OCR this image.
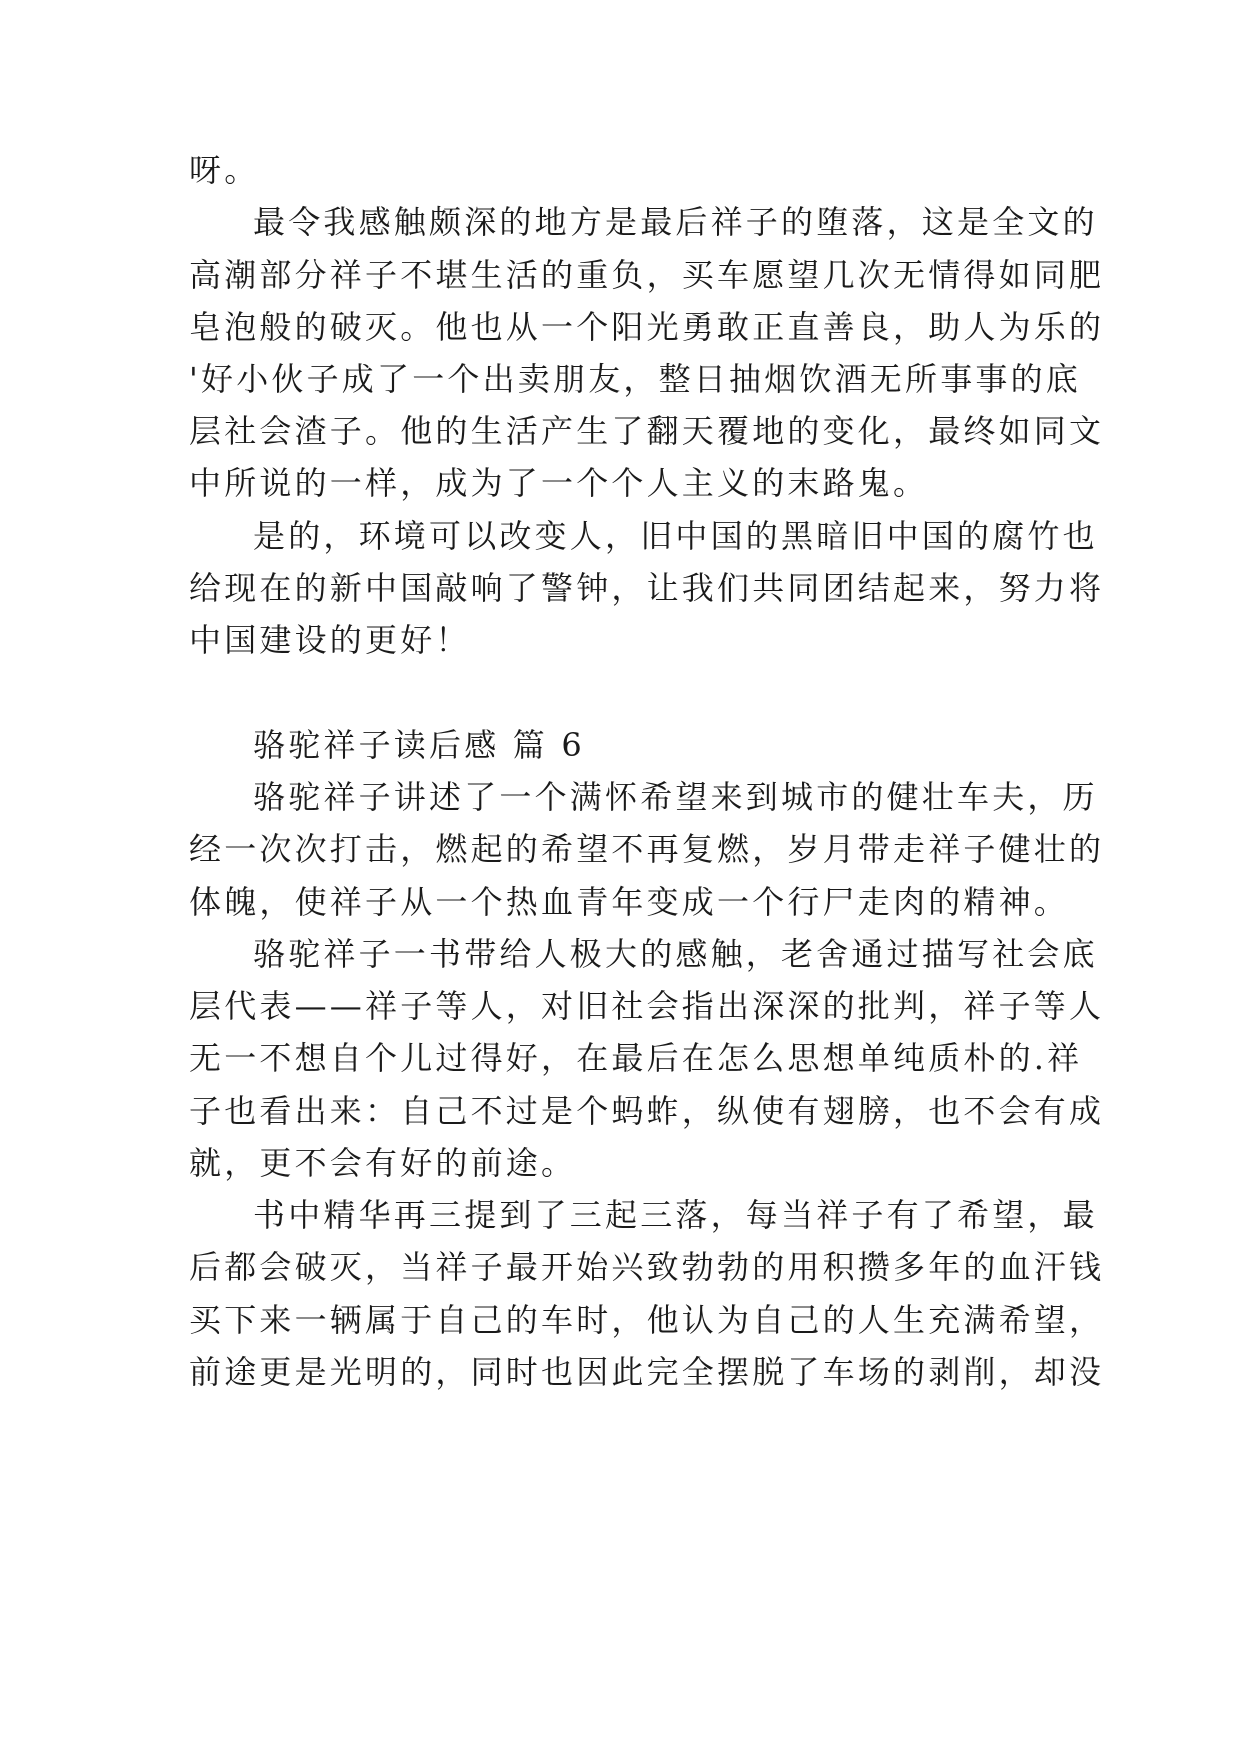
呀。
最令我感触颇深的地方是最后祥子的堕落，这是全文的
高潮部分祥子不堪生活的重负，买车愿望几次无情得如同肥
皂泡般的破灭。他也从一个阳光勇敢正直善良，助人为乐的
'好小伙子成了一个出卖朋友，整日抽烟饮酒无所事事的底
层社会渣子。他的生活产生了翻天覆地的变化，最终如同文
中所说的一样，成为了一个个人主义的末路鬼。
是的，环境可以改变人，旧中国的黑暗旧中国的腐竹也
给现在的新中国敲响了警钟，让我们共同团结起来，努力将
中国建设的更好！
骆驼祥子读后感 篇 6
骆驼祥子讲述了一个满怀希望来到城市的健壮车夫，历
经一次次打击，燃起的希望不再复燃，岁月带走祥子健壮的
体魄，使祥子从一个热血青年变成一个行尸走肉的精神。
骆驼祥子一书带给人极大的感触，老舍通过描写社会底
层代表——祥子等人，对旧社会指出深深的批判，祥子等人
无一不想自个儿过得好，在最后在怎么思想单纯质朴的.祥
子也看出来：自己不过是个蚂蚱，纵使有翅膀，也不会有成
就，更不会有好的前途。
书中精华再三提到了三起三落，每当祥子有了希望，最
后都会破灭，当祥子最开始兴致勃勃的用积攒多年的血汗钱
买下来一辆属于自己的车时，他认为自己的人生充满希望，
前途更是光明的，同时也因此完全摆脱了车场的剥削，却没
